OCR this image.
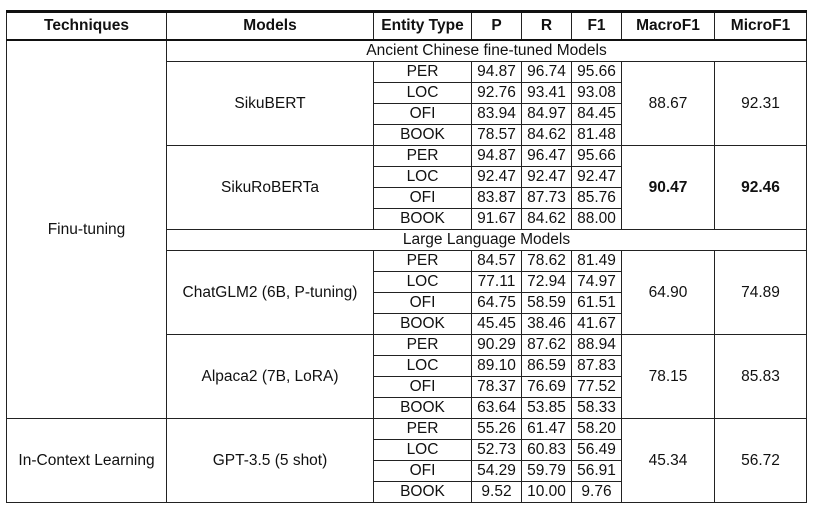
Techniques	Models	Entity Type	P	R	F1	MacroF1	MicroF1
Finu-tuning	Ancient Chinese fine-tuned Models						
	SikuBERT	PER	94.87	96.74	95.66	88.67	92.31
		LOC	92.76	93.41	93.08		
		OFI	83.94	84.97	84.45		
		BOOK	78.57	84.62	81.48		
	SikuRoBERTa	PER	94.87	96.47	95.66	90.47	92.46
		LOC	92.47	92.47	92.47		
		OFI	83.87	87.73	85.76		
		BOOK	91.67	84.62	88.00		
	Large Language Models						
	ChatGLM2 (6B, P-tuning)	PER	84.57	78.62	81.49	64.90	74.89
		LOC	77.11	72.94	74.97		
		OFI	64.75	58.59	61.51		
		BOOK	45.45	38.46	41.67		
	Alpaca2 (7B, LoRA)	PER	90.29	87.62	88.94	78.15	85.83
		LOC	89.10	86.59	87.83		
		OFI	78.37	76.69	77.52		
		BOOK	63.64	53.85	58.33		
In-Context Learning	GPT-3.5 (5 shot)	PER	55.26	61.47	58.20	45.34	56.72
		LOC	52.73	60.83	56.49		
		OFI	54.29	59.79	56.91		
		BOOK	9.52	10.00	9.76		
